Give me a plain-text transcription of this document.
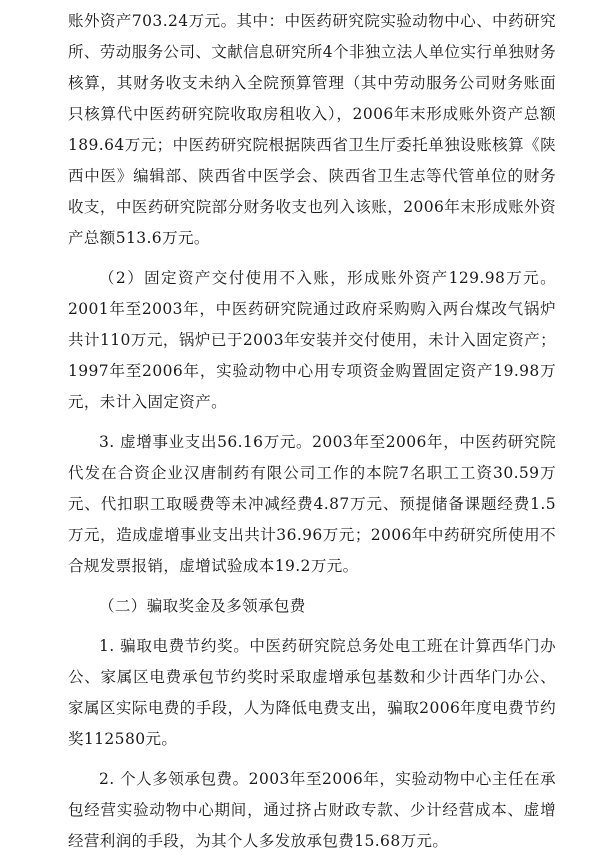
账外资产703.24万元。其中：中医药研究院实验动物中心、中药研究所、劳动服务公司、文献信息研究所4个非独立法人单位实行单独财务核算，其财务收支未纳入全院预算管理（其中劳动服务公司财务账面只核算代中医药研究院收取房租收入），2006年末形成账外资产总额189.64万元；中医药研究院根据陕西省卫生厅委托单独设账核算《陕西中医》编辑部、陕西省中医学会、陕西省卫生志等代管单位的财务收支，中医药研究院部分财务收支也列入该账，2006年末形成账外资产总额513.6万元。

（2）固定资产交付使用不入账，形成账外资产129.98万元。2001年至2003年，中医药研究院通过政府采购购入两台煤改气锅炉共计110万元，锅炉已于2003年安装并交付使用，未计入固定资产；1997年至2006年，实验动物中心用专项资金购置固定资产19.98万元，未计入固定资产。

3. 虚增事业支出56.16万元。2003年至2006年，中医药研究院代发在合资企业汉唐制药有限公司工作的本院7名职工工资30.59万元、代扣职工取暖费等未冲减经费4.87万元、预提储备课题经费1.5万元，造成虚增事业支出共计36.96万元；2006年中药研究所使用不合规发票报销，虚增试验成本19.2万元。

（二）骗取奖金及多领承包费

1. 骗取电费节约奖。中医药研究院总务处电工班在计算西华门办公、家属区电费承包节约奖时采取虚增承包基数和少计西华门办公、家属区实际电费的手段，人为降低电费支出，骗取2006年度电费节约奖112580元。

2. 个人多领承包费。2003年至2006年，实验动物中心主任在承包经营实验动物中心期间，通过挤占财政专款、少计经营成本、虚增经营利润的手段，为其个人多发放承包费15.68万元。
